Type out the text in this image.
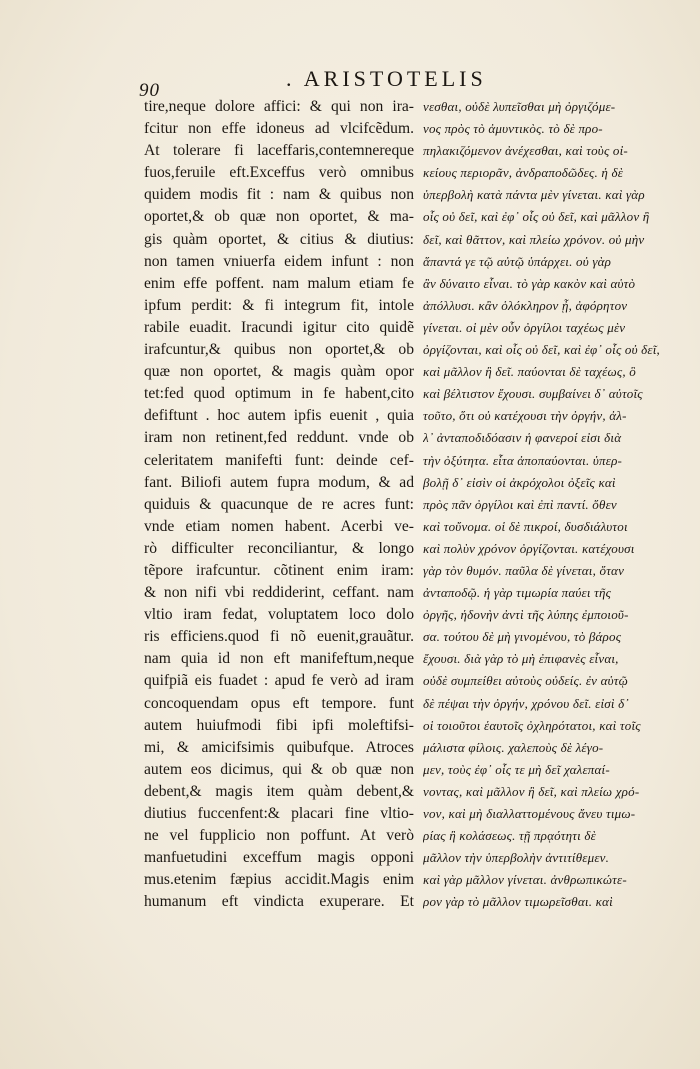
90	. ARISTOTELIS
tire,neque dolore affici: & qui non ira-
fcitur non effe idoneus ad vlcifcẽdum.
At tolerare fi laceffaris,contemnereque
fuos,feruile eft.Exceffus verò omnibus
quidem modis fit : nam & quibus non
oportet,& ob quæ non oportet, & ma-
gis quàm oportet, & citius & diutius:
non tamen vniuerfa eidem infunt : non
enim effe poffent. nam malum etiam fe
ipfum perdit: & fi integrum fit, intole
rabile euadit. Iracundi igitur cito quidẽ
irafcuntur,& quibus non oportet,& ob
quæ non oportet, & magis quàm opor
tet:fed quod optimum in fe habent,cito
defiftunt . hoc autem ipfis euenit , quia
iram non retinent,fed reddunt. vnde ob
celeritatem manifefti funt: deinde cef-
fant. Biliofi autem fupra modum, & ad
quiduis & quacunque de re acres funt:
vnde etiam nomen habent. Acerbi ve-
rò difficulter reconciliantur, & longo
tẽpore irafcuntur. cõtinent enim iram:
& non nifi vbi reddiderint, ceffant. nam
vltio iram fedat, voluptatem loco dolo
ris efficiens.quod fi nõ euenit,grauãtur.
nam quia id non eft manifeftum,neque
quifpiã eis fuadet : apud fe verò ad iram
concoquendam opus eft tempore. funt
autem huiufmodi fibi ipfi moleftifsi-
mi, & amicifsimis quibufque. Atroces
autem eos dicimus, qui & ob quæ non
debent,& magis item quàm debent,&
diutius fuccenfent:& placari fine vltio-
ne vel fupplicio non poffunt. At verò
manfuetudini exceffum magis opponi
mus.etenim fæpius accidit.Magis enim
humanum eft vindicta exuperare. Et
νεσθαι, οὐδὲ λυπεῖσθαι μὴ ὀργιζόμε-
νος πρὸς τὸ ἀμυντικὸς. τὸ δὲ προ-
πηλακιζόμενον ἀνέχεσθαι, καὶ τοὺς οἰ-
κείους περιορᾶν, ἀνδραποδῶδες. ἡ δὲ
ὑπερβολὴ κατὰ πάντα μὲν γίνεται. καὶ γὰρ
οἷς οὐ δεῖ, καὶ ἐφ᾽ οἷς οὐ δεῖ, καὶ μᾶλλον ἢ
δεῖ, καὶ θᾶττον, καὶ πλείω χρόνον. οὐ μὴν
ἅπαντά γε τῷ αὐτῷ ὑπάρχει. οὐ γὰρ
ἂν δύναιτο εἶναι. τὸ γὰρ κακὸν καὶ αὑτὸ
ἀπόλλυσι. κἂν ὁλόκληρον ᾖ, ἀφόρητον
γίνεται. οἱ μὲν οὖν ὀργίλοι ταχέως μὲν
ὀργίζονται, καὶ οἷς οὐ δεῖ, καὶ ἐφ᾽ οἷς οὐ δεῖ,
καὶ μᾶλλον ἢ δεῖ. παύονται δὲ ταχέως, ὃ
καὶ βέλτιστον ἔχουσι. συμβαίνει δ᾽ αὐτοῖς
τοῦτο, ὅτι οὐ κατέχουσι τὴν ὀργήν, ἀλ-
λ᾽ ἀνταποδιδόασιν ἡ φανεροί εἰσι διὰ
τὴν ὀξύτητα. εἶτα ἀποπαύονται. ὑπερ-
βολῇ δ᾽ εἰσὶν οἱ ἀκρόχολοι ὀξεῖς καὶ
πρὸς πᾶν ὀργίλοι καὶ ἐπὶ παντί. ὅθεν
καὶ τοὔνομα. οἱ δὲ πικροί, δυσδιάλυτοι
καὶ πολὺν χρόνον ὀργίζονται. κατέχουσι
γὰρ τὸν θυμόν. παῦλα δὲ γίνεται, ὅταν
ἀνταποδῷ. ἡ γὰρ τιμωρία παύει τῆς
ὀργῆς, ἡδονὴν ἀντὶ τῆς λύπης ἐμποιοῦ-
σα. τούτου δὲ μὴ γινομένου, τὸ βάρος
ἔχουσι. διὰ γὰρ τὸ μὴ ἐπιφανὲς εἶναι,
οὐδὲ συμπείθει αὐτοὺς οὐδείς. ἐν αὑτῷ
δὲ πέψαι τὴν ὀργήν, χρόνου δεῖ. εἰσὶ δ᾽
οἱ τοιοῦτοι ἑαυτοῖς ὀχληρότατοι, καὶ τοῖς
μάλιστα φίλοις. χαλεποὺς δὲ λέγο-
μεν, τοὺς ἐφ᾽ οἷς τε μὴ δεῖ χαλεπαί-
νοντας, καὶ μᾶλλον ἢ δεῖ, καὶ πλείω χρό-
νον, καὶ μὴ διαλλαττομένους ἄνευ τιμω-
ρίας ἢ κολάσεως. τῇ πρᾳότητι δὲ
μᾶλλον τὴν ὑπερβολὴν ἀντιτίθεμεν.
καὶ γὰρ μᾶλλον γίνεται. ἀνθρωπικώτε-
ρον γὰρ τὸ μᾶλλον τιμωρεῖσθαι. καὶ
